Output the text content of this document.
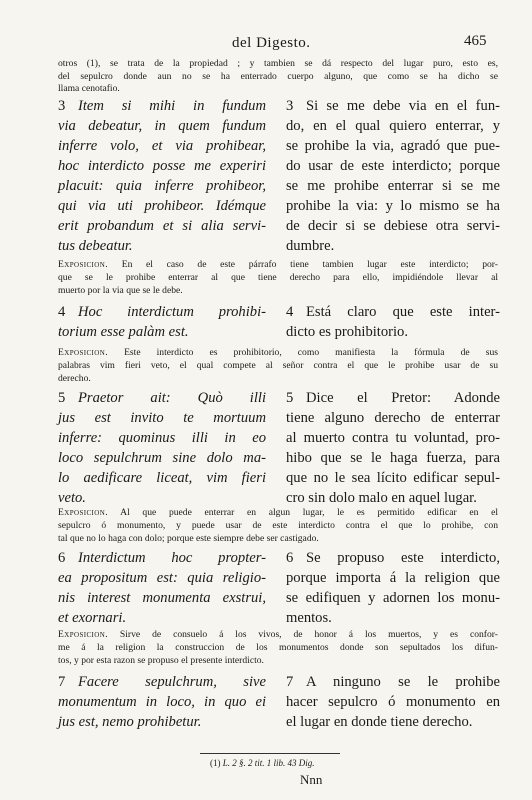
del Digesto.	465
otros (1), se trata de la propiedad ; y tambien se dá respecto del lugar puro, esto es,
del sepulcro donde aun no se ha enterrado cuerpo alguno, que como se ha dicho se
llama cenotafio.
3 Item si mihi in fundum
via debeatur, in quem fundum
inferre volo, et via prohibear,
hoc interdicto posse me experiri
placuit: quia inferre prohibeor,
qui via uti prohibeor. Idémque
erit probandum et si alia servi-
tus debeatur.
3 Si se me debe via en el fun-
do, en el qual quiero enterrar, y
se prohibe la via, agradó que pue-
do usar de este interdicto; porque
se me prohibe enterrar si se me
prohibe la via: y lo mismo se ha
de decir si se debiese otra servi-
dumbre.
Exposicion. En el caso de este párrafo tiene tambien lugar este interdicto; por-
que se le prohibe enterrar al que tiene derecho para ello, impidiéndole llevar al
muerto por la via que se le debe.
4 Hoc interdictum prohibi-
torium esse palàm est.
4 Está claro que este inter-
dicto es prohibitorio.
Exposicion. Este interdicto es prohibitorio, como manifiesta la fórmula de sus
palabras vim fieri veto, el qual compete al señor contra el que le prohibe usar de su
derecho.
5 Praetor ait: Quò illi
jus est invito te mortuum
inferre: quominus illi in eo
loco sepulchrum sine dolo ma-
lo aedificare liceat, vim fieri
veto.
5 Dice el Pretor: Adonde
tiene alguno derecho de enterrar
al muerto contra tu voluntad, pro-
hibo que se le haga fuerza, para
que no le sea lícito edificar sepul-
cro sin dolo malo en aquel lugar.
Exposicion. Al que puede enterrar en algun lugar, le es permitido edificar en el
sepulcro ó monumento, y puede usar de este interdicto contra el que lo prohibe, con
tal que no lo haga con dolo; porque este siempre debe ser castigado.
6 Interdictum hoc propter-
ea propositum est: quia religio-
nis interest monumenta exstrui,
et exornari.
6 Se propuso este interdicto,
porque importa á la religion que
se edifiquen y adornen los monu-
mentos.
Exposicion. Sirve de consuelo á los vivos, de honor á los muertos, y es confor-
me á la religion la construccion de los monumentos donde son sepultados los difun-
tos, y por esta razon se propuso el presente interdicto.
7 Facere sepulchrum, sive
monumentum in loco, in quo ei
jus est, nemo prohibetur.
7 A ninguno se le prohibe
hacer sepulcro ó monumento en
el lugar en donde tiene derecho.
(1) L. 2 §. 2 tit. 1 lib. 43 Dig.
Nnn
